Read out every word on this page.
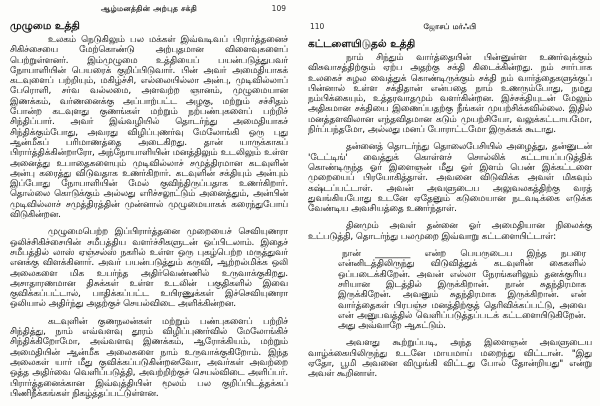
ஆழ்மனத்தின் அற்புத சக்தி	109
முழுமை உத்தி

உலகம் நெடுகிலும் பல மக்கள் இவ்வடிவப் பிரார்த்தனைச் சிகிச்சையை மேற்கொண்டு அற்புதமான விளைவுகளைப் பெற்றுள்ளனர். இம்முழுமை உத்தியைப் பயன்படுத்துபவர் நோயாளியின் பெயரைக் குறிப்பிடுவார். பின் அவர் அமைதியாகக் கடவுளைப் பற்றியும், மகிழ்ச்சி, எல்லையில்லா அன்பு, முடிவில்லாப் பேரொளி, சர்வ வல்லமை, அளவற்ற ஞானம், முழுமையான இணக்கம், வர்ணனைக்கு அப்பாற்பட்ட அழகு, மற்றும் சச்சிதம் போன்ற கடவுளது குணங்கள் மற்றும் நற்பண்புகளைப் பற்றிச் சிந்திப்பார். அவர் இவ்வழியில் தொடர்ந்து அமைதியாகச் சிந்திக்கும்போது, அவரது விழிப்புணர்வு மேலோங்கி ஒரு புது ஆன்மீகப் பரிமாணத்தை அடைகிறது. தான் யாருக்காகப் பிரார்த்திக்கின்றாரோ, அந்நோயாளியின் மனத்திலும் உடலிலும் உள்ள அனைத்து உபாதைகளையும் முடிவில்லாச் சமுத்திரமான கடவுளின் அன்பு கரைத்து விடுவதாக உணர்கிறார். கடவுளின் சக்தியும் அன்பும் இப்போது நோயாளியின் மேல் குவிந்திருப்பதாக உணர்கிறார். தொல்லை கொடுக்கும் அல்லது எரிச்சலூட்டும் அனைத்தும், அன்பின் முடிவில்லாச் சமுத்திரத்தின் முன்னால் முழுமையாகக் கரைந்துபோய் விடுகின்றன.

முழுமைபெற்ற இப்பிரார்த்தனை முறையைச் செவியுணரா ஒலிச்சிகிச்சையின் சமீபத்திய வளர்ச்சிகளுடன் ஒப்பிடலாம். இதைச் சமீபத்தில் லாஸ் ஏஞ்சல்ஸ் நகரில் உள்ள ஒரு புகழ்பெற்ற மருத்துவர் எனக்கு விளக்கினார். அவர் பயன்படுத்தும் கருவி, ஆற்றல்மிக்க ஒலி அலைகளை மிக உயர்ந்த அதிர்வெண்ணில் உருவாக்குகிறது. அசாதாரணமான திசுக்கள் உள்ள உடலின் பகுதிகளில் இவை குவிக்கப்பட்டால், பாதிக்கப்பட்ட உயிரணுக்கள் இச்செவியுணரா ஒலியால் அதிர்ந்து அதற்குச் செயல்விடை அளிக்கின்றன.

கடவுளின் குணநலன்கள் மற்றும் பண்புகளைப் பற்றிச் சிந்தித்து, நாம் எவ்வளவு தூரம் விழிப்புணர்வில் மேலோங்கிச் சிந்திக்கிறோமோ, அவ்வளவு இணக்கம், ஆரோக்கியம், மற்றும் அமைதியின் ஆன்மீக அலைகளை நாம் உருவாக்குகிறோம். இந்த அலைகள் யார் மீது குவிக்கப்படுகின்றனவோ, அவர்கள் அவற்றை ஒத்த அதிர்வை வெளிப்படுத்தி, அவற்றிற்குச் செயல்விடை அளிப்பர். பிரார்த்தனைக்கான இவ்வுத்தியின் மூலம் பல குறிப்பிடத்தக்கப் பிணிநீக்கங்கள் நிகழ்த்தப்பட்டுள்ளன.

110	ஜோசப் மர்ஃபி
கட்டளையிடுதல் உத்தி

நாம் சிந்தும் வார்த்தையின் பின்னுள்ள உணர்வுக்கும் விசுவாசத்திற்கும் ஏற்ப அதற்கு சக்தி கிடைக்கின்றது. நம் சார்பாக உலகைச் சுழல வைத்துக் கொண்டிருக்கும் சக்தி நம் வார்த்தைகளுக்குப் பின்னால் உள்ள சக்திதான் என்பதை நாம் உணரும்போது, நமது நம்பிக்கையும், உத்தரவாதமும் வளர்கின்றன. இச்சக்தியுடன் மேலும் அதிகமான சக்தியை இணைப்பதற்கு நீங்கள் முயற்சிக்கவில்லை. இதில் மனத்தளவிலான எந்தவிதமான கடும் முயற்சியோ, வலுக்கட்டாயமோ, நிர்ப்பந்தமோ, அல்லது மனப் போராட்டமோ இருக்கக் கூடாது.

தன்னைத் தொடர்ந்து தொலைபேசியில் அழைத்து, தன்னுடன் 'டேட்டிங்' வைத்துக் கொள்ளச் சொல்லிக் கட்டாயப்படுத்திக் கொண்டிருந்த ஓர் இளைஞன் மீது ஓர் இளம் பெண் இக்கட்டளை முறையைப் பிரயோகித்தாள். அவனை விடுவிக்க அவள் மிகவும் கஷ்டப்பட்டாள். அவன் அவளுடைய அலுவலகத்திற்கு வரத் துவங்கியபோது உடனே ஏதேனும் கடுமையான நடவடிக்கை எடுக்க வேண்டிய அவசியத்தை உணர்ந்தாள்.

தினமும் அவள் தன்னை ஓர் அமைதியான நிலைக்கு உட்படுத்தி, தொடர்ந்து பலமுறை இவ்வாறு கட்டளையிட்டாள்:

நான் ________ என்ற பெயருடைய இந்த நபரை என்னிடத்திலிருந்து விடுவித்துக் கடவுளின் கைகளில் ஒப்படைக்கிறேன். அவன் எல்லா நேரங்களிலும் தனக்குரிய சரியான இடத்தில் இருக்கிறான். நான் சுதந்திரமாக இருக்கிறேன். அவனும் சுதந்திரமாக இருக்கிறான். என் வார்த்தைகள் பிரபஞ்ச மனத்திற்குத் தெரிவிக்கப்பட்டு, அவை என் அனுபவத்தில் வெளிப்படுத்தப்படக் கட்டளையிடுகிறேன். அது அவ்வாறே ஆகட்டும்.

அவளது கூற்றுப்படி, அந்த இளைஞன் அவளுடைய வாழ்க்கையிலிருந்து உடனே மாயமாய் மறைந்து விட்டான். "இது ஏதோ, பூமி அவனை விழுங்கி விட்டது போல் தோன்றியது" என்று அவள் கூறினாள்.
